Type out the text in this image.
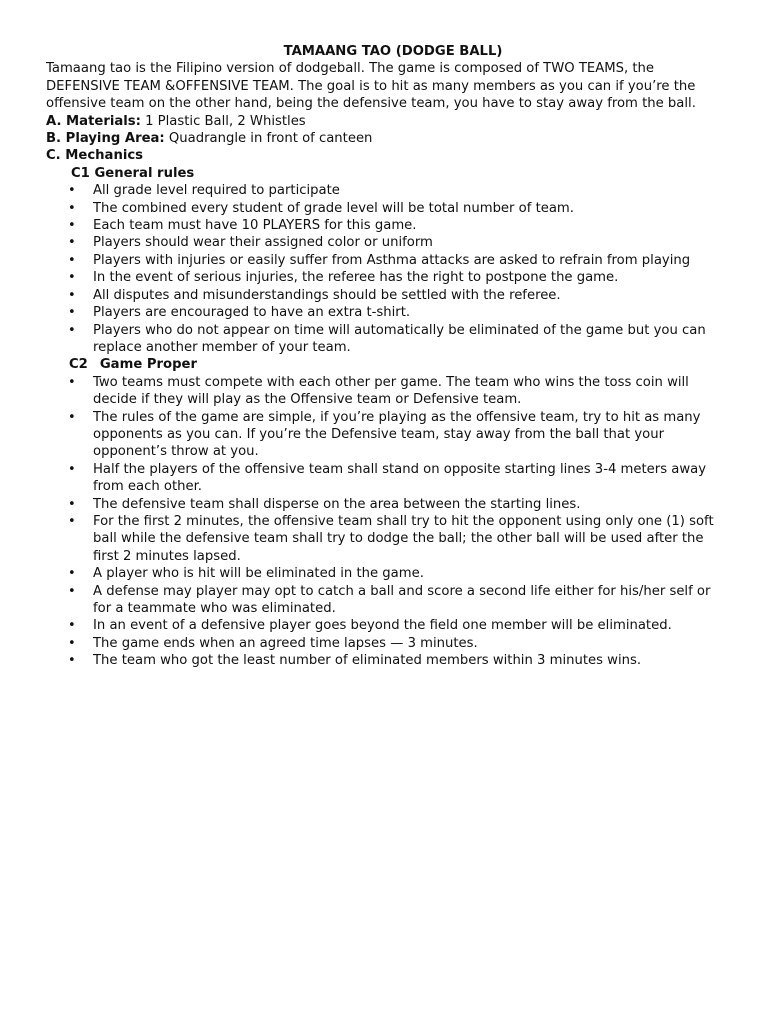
TAMAANG TAO (DODGE BALL)

Tamaang tao is the Filipino version of dodgeball. The game is composed of TWO TEAMS, the DEFENSIVE TEAM &OFFENSIVE TEAM. The goal is to hit as many members as you can if you’re the offensive team on the other hand, being the defensive team, you have to stay away from the ball.

A. Materials: 1 Plastic Ball, 2 Whistles

B. Playing Area: Quadrangle in front of canteen

C. Mechanics

C1 General rules

• All grade level required to participate
• The combined every student of grade level will be total number of team.
• Each team must have 10 PLAYERS for this game.
• Players should wear their assigned color or uniform
• Players with injuries or easily suffer from Asthma attacks are asked to refrain from playing
• In the event of serious injuries, the referee has the right to postpone the game.
• All disputes and misunderstandings should be settled with the referee.
• Players are encouraged to have an extra t-shirt.
• Players who do not appear on time will automatically be eliminated of the game but you can replace another member of your team.

C2 Game Proper

• Two teams must compete with each other per game. The team who wins the toss coin will decide if they will play as the Offensive team or Defensive team.
• The rules of the game are simple, if you’re playing as the offensive team, try to hit as many opponents as you can. If you’re the Defensive team, stay away from the ball that your opponent’s throw at you.
• Half the players of the offensive team shall stand on opposite starting lines 3-4 meters away from each other.
• The defensive team shall disperse on the area between the starting lines.
• For the first 2 minutes, the offensive team shall try to hit the opponent using only one (1) soft ball while the defensive team shall try to dodge the ball; the other ball will be used after the first 2 minutes lapsed.
• A player who is hit will be eliminated in the game.
• A defense may player may opt to catch a ball and score a second life either for his/her self or for a teammate who was eliminated.
• In an event of a defensive player goes beyond the field one member will be eliminated.
• The game ends when an agreed time lapses — 3 minutes.
• The team who got the least number of eliminated members within 3 minutes wins.
